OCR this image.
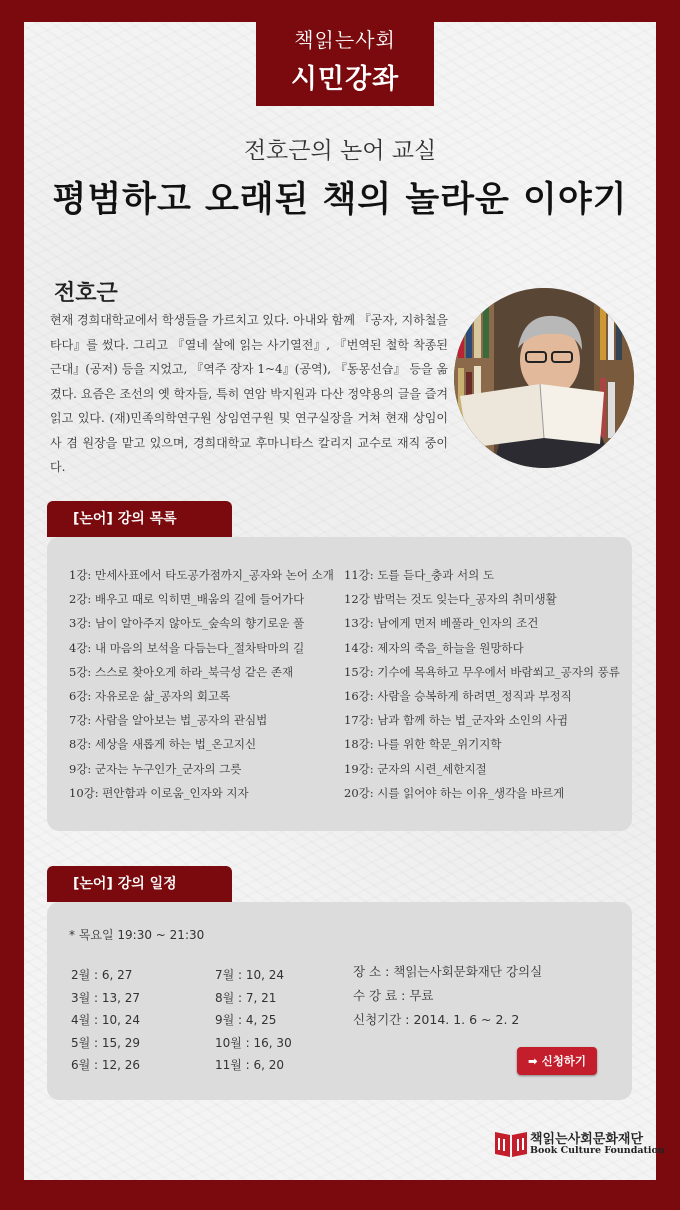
책읽는사회
시민강좌
전호근의 논어 교실
평범하고 오래된 책의 놀라운 이야기
전호근
현재 경희대학교에서 학생들을 가르치고 있다. 아내와 함께 『공자, 지하철을 타다』를 썼다. 그리고 『열네 살에 읽는 사기열전』, 『번역된 철학 착종된 근대』(공저) 등을 지었고, 『역주 장자 1~4』(공역), 『동몽선습』 등을 옮겼다. 요즘은 조선의 옛 학자들, 특히 연암 박지원과 다산 정약용의 글을 즐겨 읽고 있다. (재)민족의학연구원 상임연구원 및 연구실장을 거쳐 현재 상임이사 겸 원장을 맡고 있으며, 경희대학교 후마니타스 칼리지 교수로 재직 중이다.
[논어] 강의 목록
1강: 만세사표에서 타도공가점까지_공자와 논어 소개
2강: 배우고 때로 익히면_배움의 길에 들어가다
3강: 남이 알아주지 않아도_숲속의 향기로운 풀
4강: 내 마음의 보석을 다듬는다_절차탁마의 길
5강: 스스로 찾아오게 하라_북극성 같은 존재
6강: 자유로운 삶_공자의 회고록
7강: 사람을 알아보는 법_공자의 관심법
8강: 세상을 새롭게 하는 법_온고지신
9강: 군자는 누구인가_군자의 그릇
10강: 편안함과 이로움_인자와 지자
11강: 도를 듣다_충과 서의 도
12강 밥먹는 것도 잊는다_공자의 취미생활
13강: 남에게 먼저 베풀라_인자의 조건
14강: 제자의 죽음_하늘을 원망하다
15강: 기수에 목욕하고 무우에서 바람쐬고_공자의 풍류
16강: 사람을 승복하게 하려면_정직과 부정직
17강: 남과 함께 하는 법_군자와 소인의 사귐
18강: 나를 위한 학문_위기지학
19강: 군자의 시련_세한지절
20강: 시를 읽어야 하는 이유_생각을 바르게
[논어] 강의 일정
* 목요일 19:30 ~ 21:30
2월 : 6, 27
3월 : 13, 27
4월 : 10, 24
5월 : 15, 29
6월 : 12, 26
7월 : 10, 24
8월 : 7, 21
9월 : 4, 25
10월 : 16, 30
11월 : 6, 20
장 소 : 책읽는사회문화재단 강의실
수 강 료 : 무료
신청기간 : 2014. 1. 6 ~ 2. 2
➡ 신청하기
책읽는사회문화재단
Book Culture Foundation
